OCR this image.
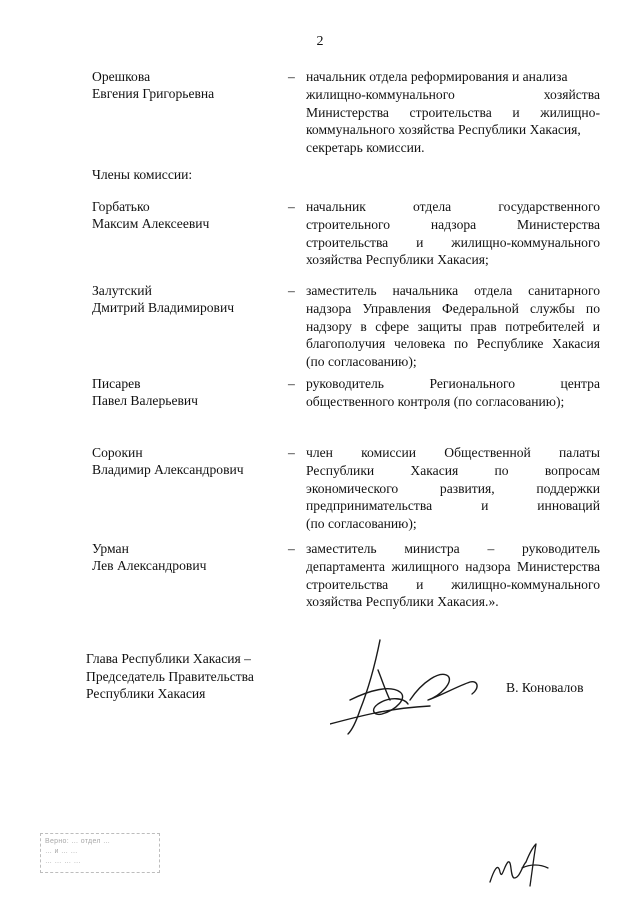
2
Орешкова
Евгения Григорьевна
– начальник отдела реформирования и анализа
жилищно-коммунального хозяйства
Министерства строительства и жилищно-
коммунального хозяйства Республики Хакасия,
секретарь комиссии.
Члены комиссии:
Горбатько
Максим Алексеевич
– начальник отдела государственного
строительного надзора Министерства
строительства и жилищно-коммунального
хозяйства Республики Хакасия;
Залутский
Дмитрий Владимирович
– заместитель начальника отдела санитарного
надзора Управления Федеральной службы по
надзору в сфере защиты прав потребителей и
благополучия человека по Республике Хакасия
(по согласованию);
Писарев
Павел Валерьевич
– руководитель Регионального центра
общественного контроля (по согласованию);
Сорокин
Владимир Александрович
– член комиссии Общественной палаты
Республики Хакасия по вопросам
экономического развития, поддержки
предпринимательства и инноваций
(по согласованию);
Урман
Лев Александрович
– заместитель министра – руководитель
департамента жилищного надзора Министерства
строительства и жилищно-коммунального
хозяйства Республики Хакасия.».
Глава Республики Хакасия –
Председатель Правительства
Республики Хакасия	В. Коновалов
Верно: … отдел …
… и … …
… … … …
